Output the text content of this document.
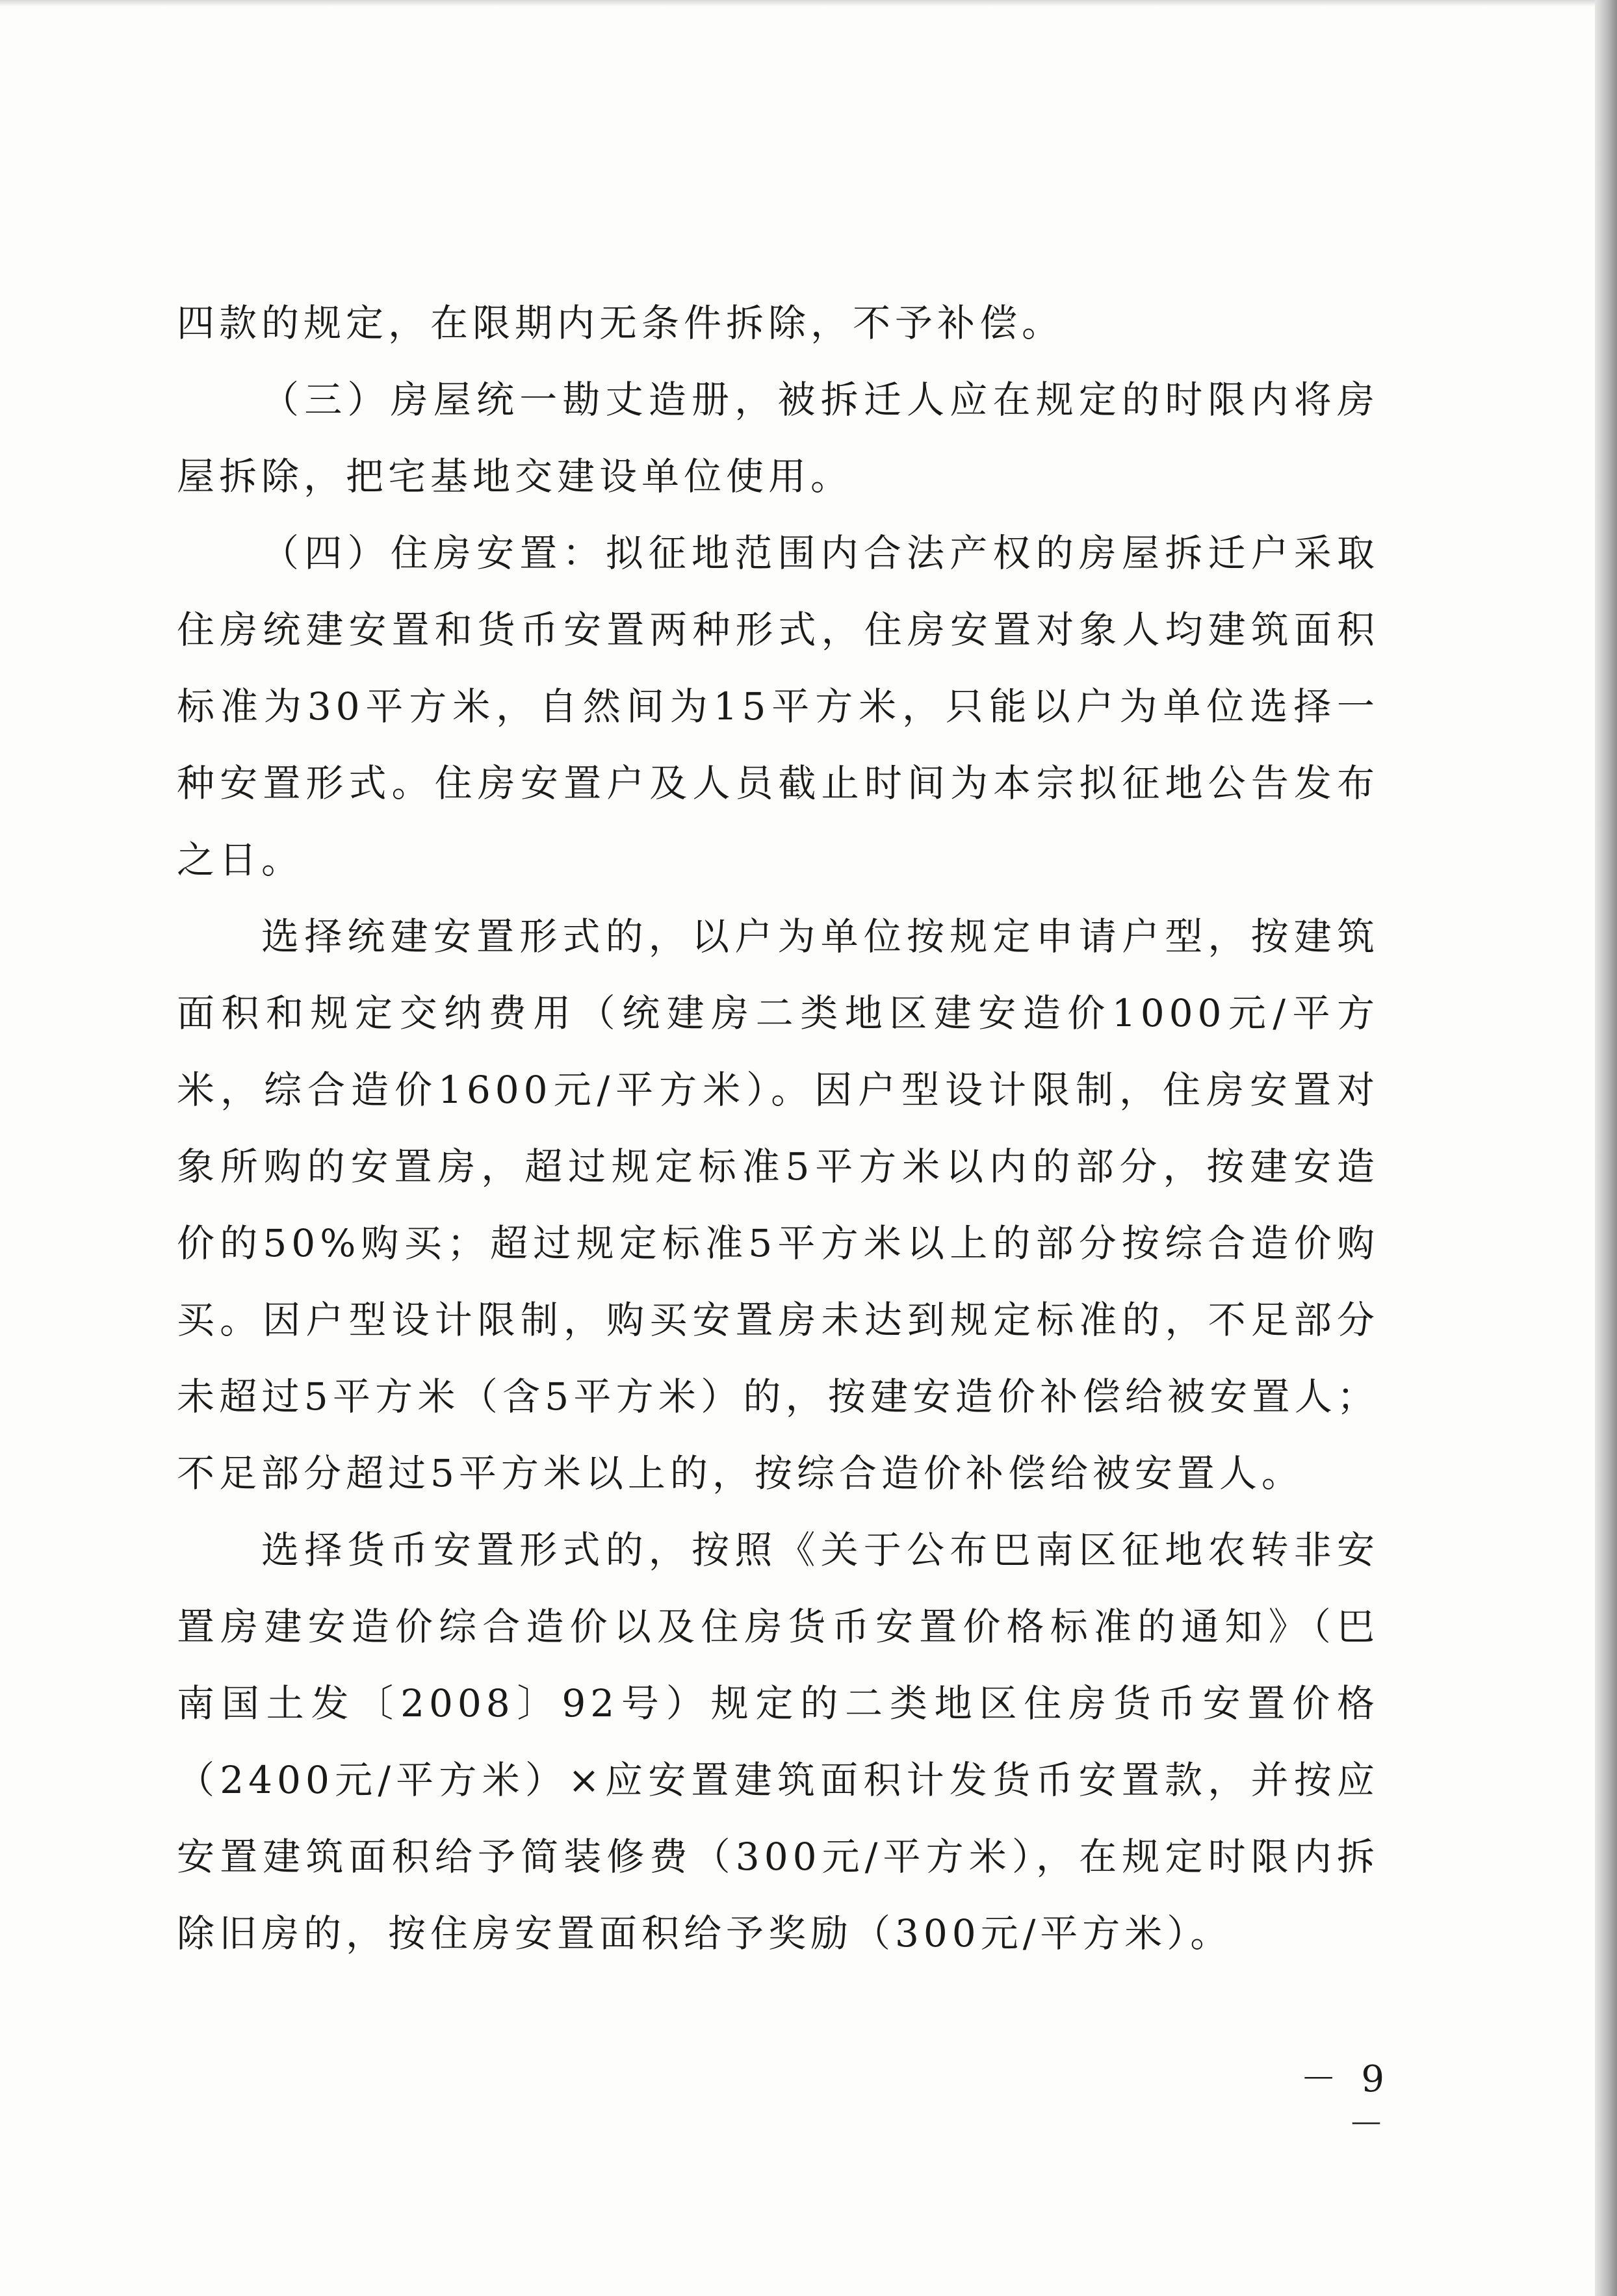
四款的规定，在限期内无条件拆除，不予补偿。

（三）房屋统一勘丈造册，被拆迁人应在规定的时限内将房屋拆除，把宅基地交建设单位使用。

（四）住房安置：拟征地范围内合法产权的房屋拆迁户采取住房统建安置和货币安置两种形式，住房安置对象人均建筑面积标准为30平方米，自然间为15平方米，只能以户为单位选择一种安置形式。住房安置户及人员截止时间为本宗拟征地公告发布之日。

选择统建安置形式的，以户为单位按规定申请户型，按建筑面积和规定交纳费用（统建房二类地区建安造价1000元/平方米，综合造价1600元/平方米）。因户型设计限制，住房安置对象所购的安置房，超过规定标准5平方米以内的部分，按建安造价的50%购买；超过规定标准5平方米以上的部分按综合造价购买。因户型设计限制，购买安置房未达到规定标准的，不足部分未超过5平方米（含5平方米）的，按建安造价补偿给被安置人；不足部分超过5平方米以上的，按综合造价补偿给被安置人。

选择货币安置形式的，按照《关于公布巴南区征地农转非安置房建安造价综合造价以及住房货币安置价格标准的通知》（巴南国土发〔2008〕92号）规定的二类地区住房货币安置价格（2400元/平方米）×应安置建筑面积计发货币安置款，并按应安置建筑面积给予简装修费（300元/平方米），在规定时限内拆除旧房的，按住房安置面积给予奖励（300元/平方米）。

－ 9 －
